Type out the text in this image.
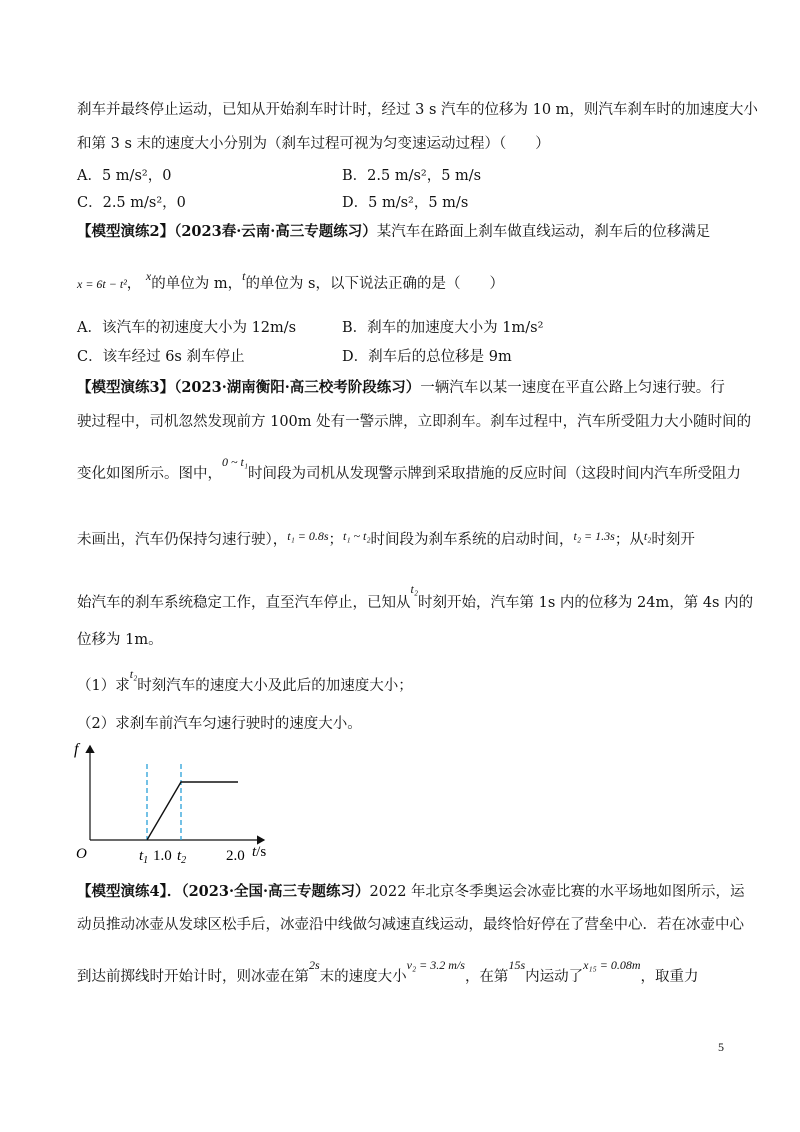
刹车并最终停止运动，已知从开始刹车时计时，经过 3 s 汽车的位移为 10 m，则汽车刹车时的加速度大小
和第 3 s 末的速度大小分别为（刹车过程可视为匀变速运动过程）（　　）
A．5 m/s²，0	B．2.5 m/s²，5 m/s
C．2.5 m/s²，0	D．5 m/s²，5 m/s
【模型演练2】（2023春·云南·高三专题练习）某汽车在路面上刹车做直线运动，刹车后的位移满足
x = 6t − t²， $^x$的单位为 m，$^t$的单位为 s，以下说法正确的是（　　）
A．该汽车的初速度大小为 12m/s	B．刹车的加速度大小为 1m/s²
C．该车经过 6s 刹车停止	D．刹车后的总位移是 9m
【模型演练3】（2023·湖南衡阳·高三校考阶段练习）一辆汽车以某一速度在平直公路上匀速行驶。行
驶过程中，司机忽然发现前方 100m 处有一警示牌，立即刹车。刹车过程中，汽车所受阻力大小随时间的
变化如图所示。图中，$^{0 \sim t_1}$时间段为司机从发现警示牌到采取措施的反应时间（这段时间内汽车所受阻力
未画出，汽车仍保持匀速行驶），$^{t_1 = 0.8s}$；$^{t_1 \sim t_2}$时间段为刹车系统的启动时间，$^{t_2 = 1.3s}$；从$^{t_2}$时刻开
始汽车的刹车系统稳定工作，直至汽车停止，已知从$^{t_2}$时刻开始，汽车第 1s 内的位移为 24m，第 4s 内的
位移为 1m。
（1）求$^{t_2}$时刻汽车的速度大小及此后的加速度大小；
（2）求刹车前汽车匀速行驶时的速度大小。
f
O	$t_1$ 1.0 $t_2$	2.0 t/s
【模型演练4】．（2023·全国·高三专题练习）2022 年北京冬季奥运会冰壶比赛的水平场地如图所示，运
动员推动冰壶从发球区松手后，冰壶沿中线做匀减速直线运动，最终恰好停在了营垒中心．若在冰壶中心
到达前掷线时开始计时，则冰壶在第$^{2s}$末的速度大小$^{v_2 = 3.2 m/s}$，在第$^{15s}$内运动了$^{x_{15} = 0.08m}$，取重力
5
